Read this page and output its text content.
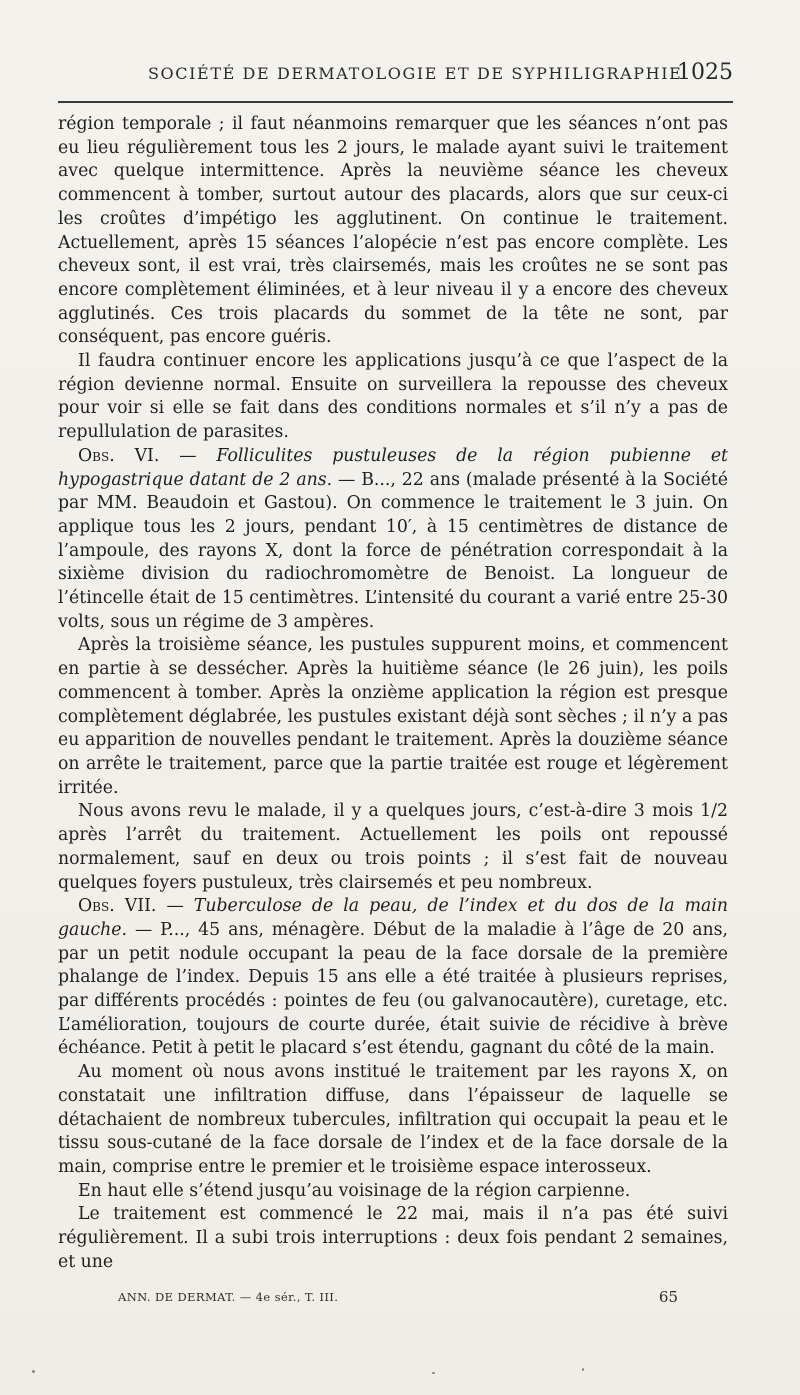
SOCIÉTÉ DE DERMATOLOGIE ET DE SYPHILIGRAPHIE
1025

région temporale ; il faut néanmoins remarquer que les séances n’ont pas eu lieu régulièrement tous les 2 jours, le malade ayant suivi le traitement avec quelque intermittence. Après la neuvième séance les cheveux commencent à tomber, surtout autour des placards, alors que sur ceux-ci les croûtes d’impétigo les agglutinent. On continue le traitement. Actuellement, après 15 séances l’alopécie n’est pas encore complète. Les cheveux sont, il est vrai, très clairsemés, mais les croûtes ne se sont pas encore complètement éliminées, et à leur niveau il y a encore des cheveux agglutinés. Ces trois placards du sommet de la tête ne sont, par conséquent, pas encore guéris.

Il faudra continuer encore les applications jusqu’à ce que l’aspect de la région devienne normal. Ensuite on surveillera la repousse des cheveux pour voir si elle se fait dans des conditions normales et s’il n’y a pas de repullulation de parasites.

Obs. VI. — Folliculites pustuleuses de la région pubienne et hypogastrique datant de 2 ans. — B..., 22 ans (malade présenté à la Société par MM. Beaudoin et Gastou). On commence le traitement le 3 juin. On applique tous les 2 jours, pendant 10′, à 15 centimètres de distance de l’ampoule, des rayons X, dont la force de pénétration correspondait à la sixième division du radiochromomètre de Benoist. La longueur de l’étincelle était de 15 centimètres. L’intensité du courant a varié entre 25-30 volts, sous un régime de 3 ampères.

Après la troisième séance, les pustules suppurent moins, et commencent en partie à se dessécher. Après la huitième séance (le 26 juin), les poils commencent à tomber. Après la onzième application la région est presque complètement déglabrée, les pustules existant déjà sont sèches ; il n’y a pas eu apparition de nouvelles pendant le traitement. Après la douzième séance on arrête le traitement, parce que la partie traitée est rouge et légèrement irritée.

Nous avons revu le malade, il y a quelques jours, c’est-à-dire 3 mois 1/2 après l’arrêt du traitement. Actuellement les poils ont repoussé normalement, sauf en deux ou trois points ; il s’est fait de nouveau quelques foyers pustuleux, très clairsemés et peu nombreux.

Obs. VII. — Tuberculose de la peau, de l’index et du dos de la main gauche. — P..., 45 ans, ménagère. Début de la maladie à l’âge de 20 ans, par un petit nodule occupant la peau de la face dorsale de la première phalange de l’index. Depuis 15 ans elle a été traitée à plusieurs reprises, par différents procédés : pointes de feu (ou galvanocautère), curetage, etc. L’amélioration, toujours de courte durée, était suivie de récidive à brève échéance. Petit à petit le placard s’est étendu, gagnant du côté de la main.

Au moment où nous avons institué le traitement par les rayons X, on constatait une infiltration diffuse, dans l’épaisseur de laquelle se détachaient de nombreux tubercules, infiltration qui occupait la peau et le tissu sous-cutané de la face dorsale de l’index et de la face dorsale de la main, comprise entre le premier et le troisième espace interosseux.

En haut elle s’étend jusqu’au voisinage de la région carpienne.

Le traitement est commencé le 22 mai, mais il n’a pas été suivi régulièrement. Il a subi trois interruptions : deux fois pendant 2 semaines, et une

ANN. DE DERMAT. — 4e sér., T. III.	65
